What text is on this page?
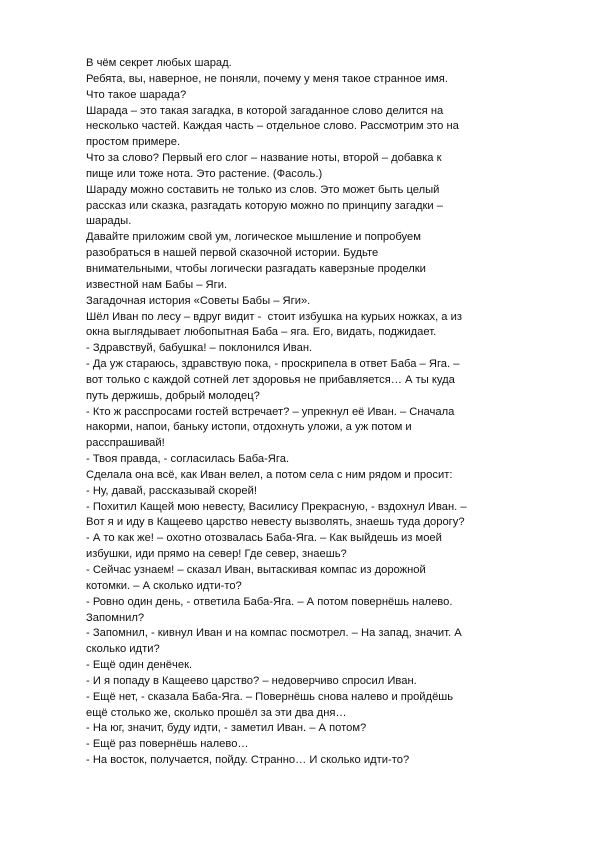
В чём секрет любых шарад.
Ребята, вы, наверное, не поняли, почему у меня такое странное имя.
Что такое шарада?
Шарада – это такая загадка, в которой загаданное слово делится на
несколько частей. Каждая часть – отдельное слово. Рассмотрим это на
простом примере.
Что за слово? Первый его слог – название ноты, второй – добавка к
пище или тоже нота. Это растение. (Фасоль.)
Шараду можно составить не только из слов. Это может быть целый
рассказ или сказка, разгадать которую можно по принципу загадки –
шарады.
Давайте приложим свой ум, логическое мышление и попробуем
разобраться в нашей первой сказочной истории. Будьте
внимательными, чтобы логически разгадать каверзные проделки
известной нам Бабы – Яги.
Загадочная история «Советы Бабы – Яги».
Шёл Иван по лесу – вдруг видит -  стоит избушка на курьих ножках, а из
окна выглядывает любопытная Баба – яга. Его, видать, поджидает.
- Здравствуй, бабушка! – поклонился Иван.
- Да уж стараюсь, здравствую пока, - проскрипела в ответ Баба – Яга. –
вот только с каждой сотней лет здоровья не прибавляется… А ты куда
путь держишь, добрый молодец?
- Кто ж расспросами гостей встречает? – упрекнул её Иван. – Сначала
накорми, напои, баньку истопи, отдохнуть уложи, а уж потом и
расспрашивай!
- Твоя правда, - согласилась Баба-Яга.
Сделала она всё, как Иван велел, а потом села с ним рядом и просит:
- Ну, давай, рассказывай скорей!
- Похитил Кащей мою невесту, Василису Прекрасную, - вздохнул Иван. –
Вот я и иду в Кащеево царство невесту вызволять, знаешь туда дорогу?
- А то как же! – охотно отозвалась Баба-Яга. – Как выйдешь из моей
избушки, иди прямо на север! Где север, знаешь?
- Сейчас узнаем! – сказал Иван, вытаскивая компас из дорожной
котомки. – А сколько идти-то?
- Ровно один день, - ответила Баба-Яга. – А потом повернёшь налево.
Запомнил?
- Запомнил, - кивнул Иван и на компас посмотрел. – На запад, значит. А
сколько идти?
- Ещё один денёчек.
- И я попаду в Кащеево царство? – недоверчиво спросил Иван.
- Ещё нет, - сказала Баба-Яга. – Повернёшь снова налево и пройдёшь
ещё столько же, сколько прошёл за эти два дня…
- На юг, значит, буду идти, - заметил Иван. – А потом?
- Ещё раз повернёшь налево…
- На восток, получается, пойду. Странно… И сколько идти-то?
